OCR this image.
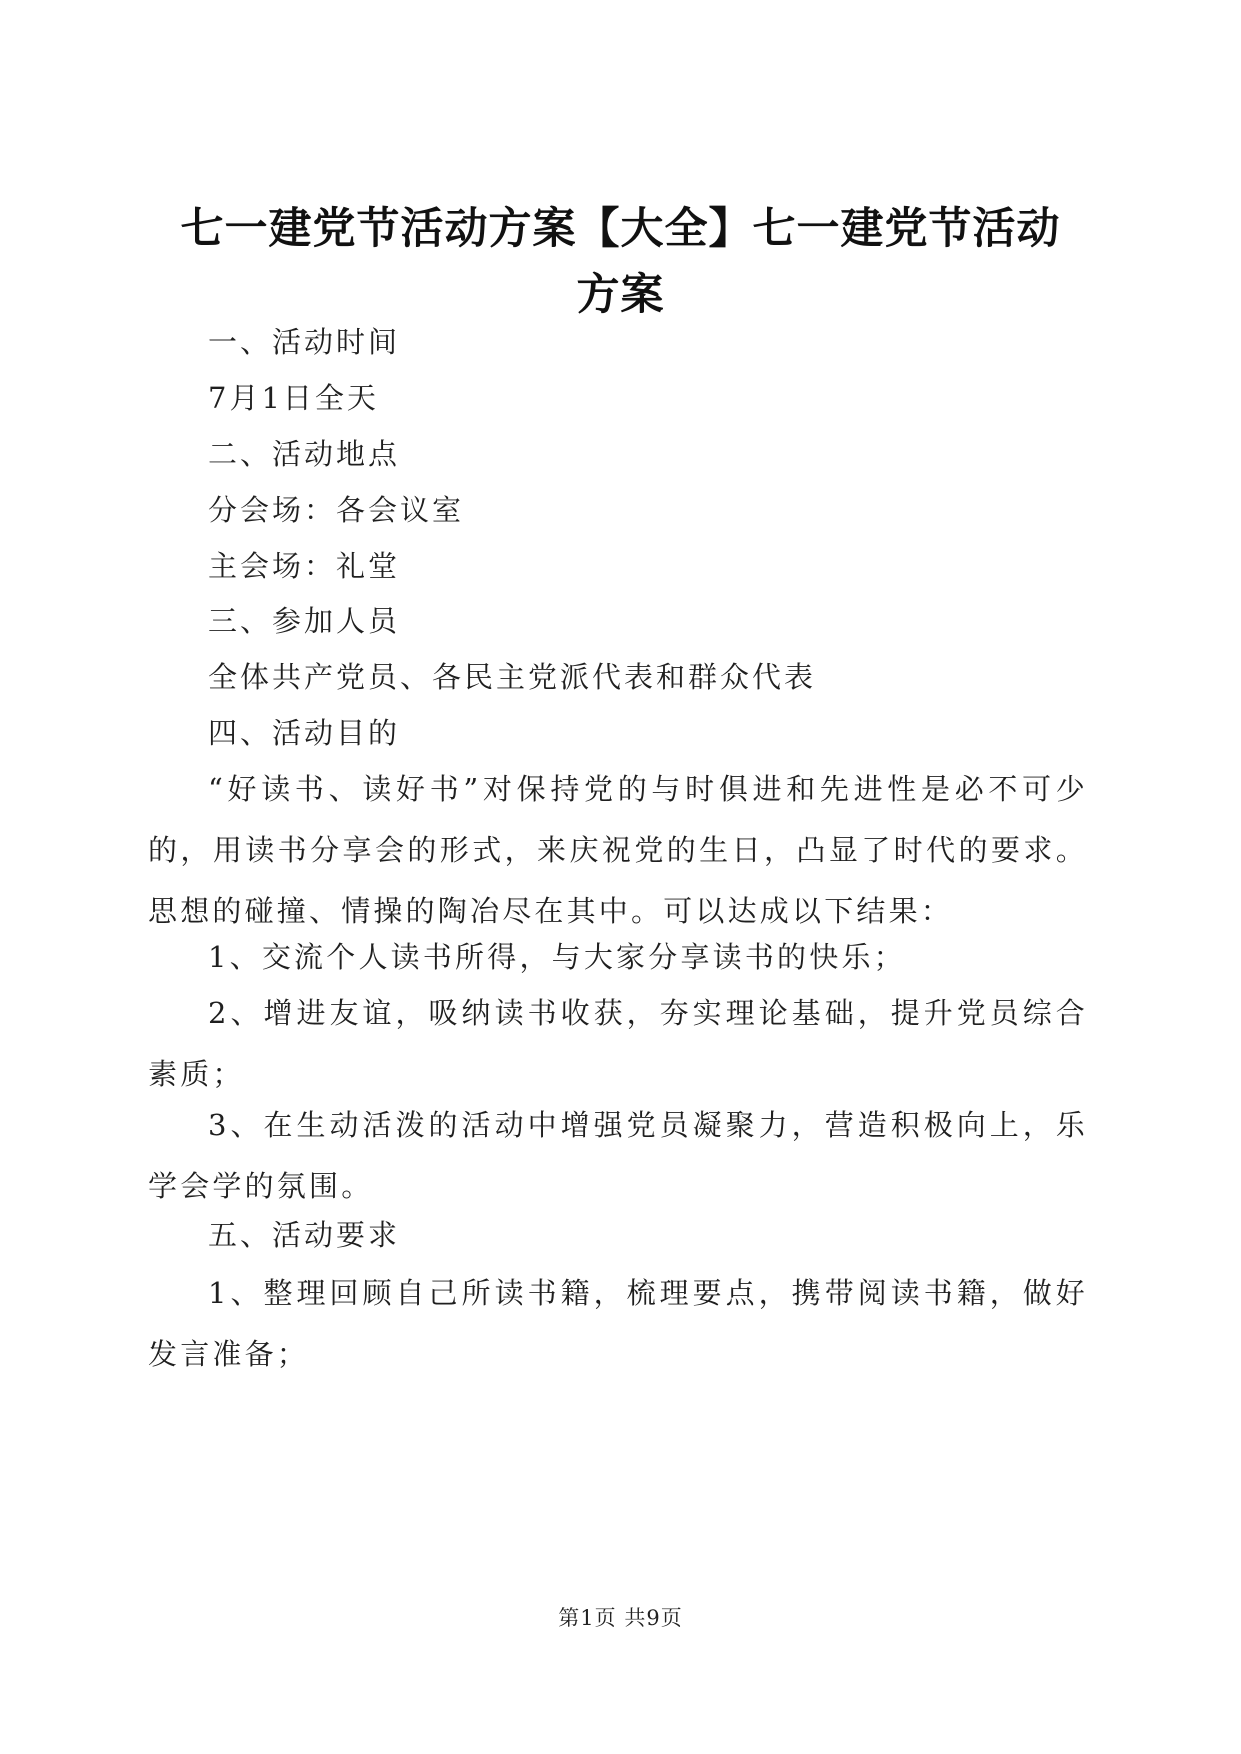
七一建党节活动方案【大全】七一建党节活动
方案
一、活动时间
7月1日全天
二、活动地点
分会场：各会议室
主会场：礼堂
三、参加人员
全体共产党员、各民主党派代表和群众代表
四、活动目的
“好读书、读好书”对保持党的与时俱进和先进性是必不可少的，用读书分享会的形式，来庆祝党的生日，凸显了时代的要求。思想的碰撞、情操的陶冶尽在其中。可以达成以下结果：
1、交流个人读书所得，与大家分享读书的快乐；
2、增进友谊，吸纳读书收获，夯实理论基础，提升党员综合素质；
3、在生动活泼的活动中增强党员凝聚力，营造积极向上，乐学会学的氛围。
五、活动要求
1、整理回顾自己所读书籍，梳理要点，携带阅读书籍，做好发言准备；
第1页 共9页
